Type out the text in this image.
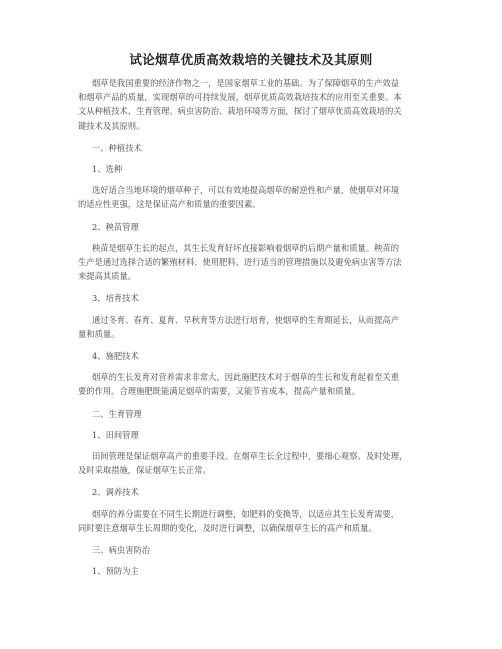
试论烟草优质高效栽培的关键技术及其原则

烟草是我国重要的经济作物之一，是国家烟草工业的基础。为了保障烟草的生产效益
和烟草产品的质量，实现烟草的可持续发展，烟草优质高效栽培技术的应用至关重要。本
文从种植技术、生育管理、病虫害防治、栽培环境等方面，探讨了烟草优质高效栽培的关
键技术及其原则。

一、种植技术
1、选种

选好适合当地环境的烟草种子，可以有效地提高烟草的耐逆性和产量，使烟草对环境
的适应性更强，这是保证高产和质量的重要因素。

2、秧苗管理

秧苗是烟草生长的起点，其生长发育好坏直接影响着烟草的后期产量和质量。秧苗的
生产是通过选择合适的繁殖材料、使用肥料、进行适当的管理措施以及避免病虫害等方法
来提高其质量。

3、培育技术

通过冬育、春育、夏育、早秋育等方法进行培育，使烟草的生育期延长，从而提高产
量和质量。

4、施肥技术

烟草的生长发育对营养需求非常大，因此施肥技术对于烟草的生长和发育起着至关重
要的作用。合理施肥既能满足烟草的需要，又能节省成本，提高产量和质量。

二、生育管理
1、田间管理

田间管理是保证烟草高产的重要手段。在烟草生长全过程中，要细心观察、及时处理，
及时采取措施，保证烟草生长正常。

2、调养技术

烟草的养分需要在不同生长期进行调整，如肥料的变换等，以适应其生长发育需要，
同时要注意烟草生长周期的变化，及时进行调整，以确保烟草生长的高产和质量。

三、病虫害防治
1、预防为主
